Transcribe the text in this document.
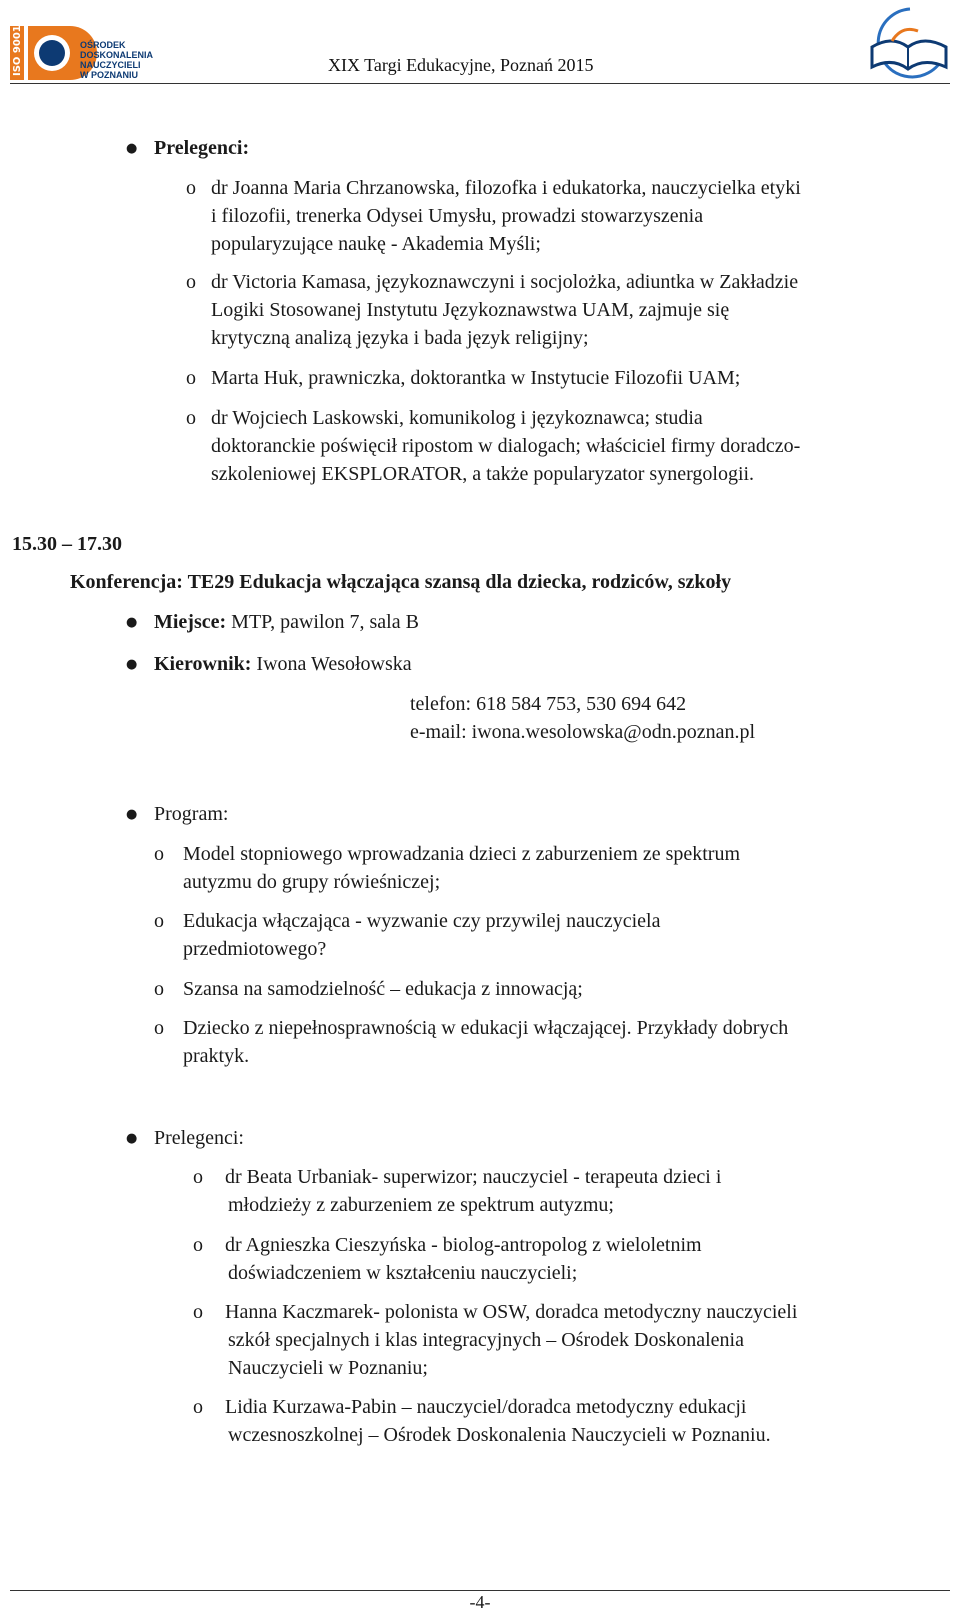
ISO 9001	OŚRODEK
DOSKONALENIA
NAUCZYCIELI
W POZNANIU	XIX Targi Edukacyjne, Poznań 2015
● Prelegenci:
o dr Joanna Maria Chrzanowska, filozofka i edukatorka, nauczycielka etyki
i filozofii, trenerka Odysei Umysłu, prowadzi stowarzyszenia
popularyzujące naukę - Akademia Myśli;
o dr Victoria Kamasa, językoznawczyni i socjolożka, adiuntka w Zakładzie
Logiki Stosowanej Instytutu Językoznawstwa UAM, zajmuje się
krytyczną analizą języka i bada język religijny;
o Marta Huk, prawniczka, doktorantka w Instytucie Filozofii UAM;
o dr Wojciech Laskowski, komunikolog i językoznawca; studia
doktoranckie poświęcił ripostom w dialogach; właściciel firmy doradczo-
szkoleniowej EKSPLORATOR, a także popularyzator synergologii.
15.30 – 17.30
Konferencja: TE29 Edukacja włączająca szansą dla dziecka, rodziców, szkoły
● Miejsce: MTP, pawilon 7, sala B
● Kierownik: Iwona Wesołowska
telefon: 618 584 753, 530 694 642
e-mail: iwona.wesolowska@odn.poznan.pl
● Program:
o Model stopniowego wprowadzania dzieci z zaburzeniem ze spektrum
autyzmu do grupy rówieśniczej;
o Edukacja włączająca - wyzwanie czy przywilej nauczyciela
przedmiotowego?
o Szansa na samodzielność – edukacja z innowacją;
o Dziecko z niepełnosprawnością w edukacji włączającej. Przykłady dobrych
praktyk.
● Prelegenci:
o dr Beata Urbaniak- superwizor; nauczyciel - terapeuta dzieci i
młodzieży z zaburzeniem ze spektrum autyzmu;
o dr Agnieszka Cieszyńska - biolog-antropolog z wieloletnim
doświadczeniem w kształceniu nauczycieli;
o Hanna Kaczmarek- polonista w OSW, doradca metodyczny nauczycieli
szkół specjalnych i klas integracyjnych – Ośrodek Doskonalenia
Nauczycieli w Poznaniu;
o Lidia Kurzawa-Pabin – nauczyciel/doradca metodyczny edukacji
wczesnoszkolnej – Ośrodek Doskonalenia Nauczycieli w Poznaniu.
-4-
